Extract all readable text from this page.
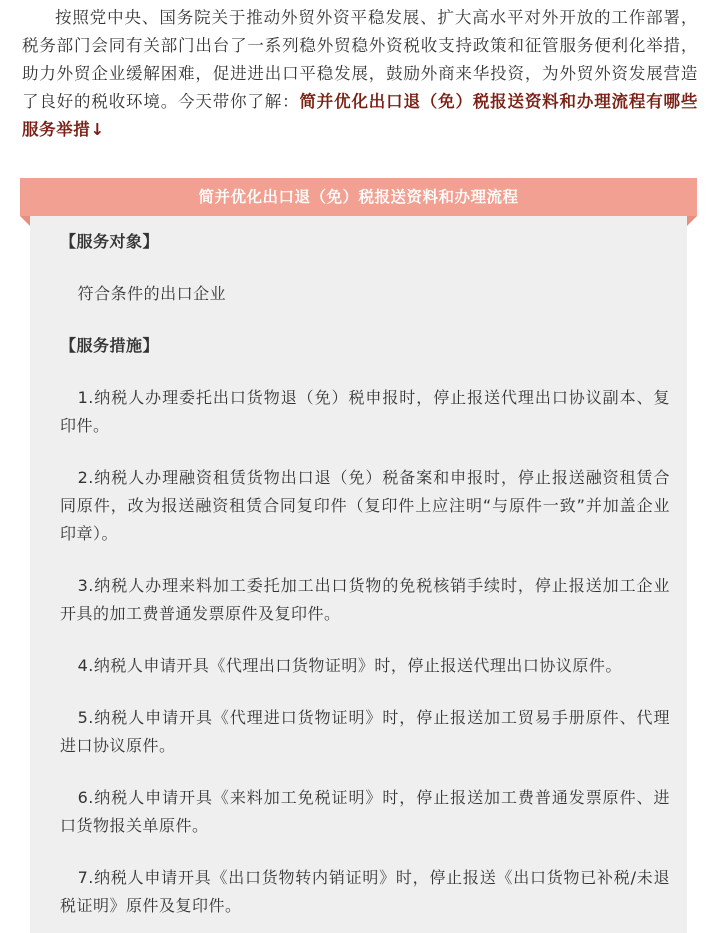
按照党中央、国务院关于推动外贸外资平稳发展、扩大高水平对外开放的工作部署，税务部门会同有关部门出台了一系列稳外贸稳外资税收支持政策和征管服务便利化举措，助力外贸企业缓解困难，促进进出口平稳发展，鼓励外商来华投资，为外贸外资发展营造了良好的税收环境。今天带你了解：简并优化出口退（免）税报送资料和办理流程有哪些服务举措↓

简并优化出口退（免）税报送资料和办理流程

【服务对象】

符合条件的出口企业

【服务措施】

1.纳税人办理委托出口货物退（免）税申报时，停止报送代理出口协议副本、复印件。

2.纳税人办理融资租赁货物出口退（免）税备案和申报时，停止报送融资租赁合同原件，改为报送融资租赁合同复印件（复印件上应注明“与原件一致”并加盖企业印章）。

3.纳税人办理来料加工委托加工出口货物的免税核销手续时，停止报送加工企业开具的加工费普通发票原件及复印件。

4.纳税人申请开具《代理出口货物证明》时，停止报送代理出口协议原件。

5.纳税人申请开具《代理进口货物证明》时，停止报送加工贸易手册原件、代理进口协议原件。

6.纳税人申请开具《来料加工免税证明》时，停止报送加工费普通发票原件、进口货物报关单原件。

7.纳税人申请开具《出口货物转内销证明》时，停止报送《出口货物已补税/未退税证明》原件及复印件。
